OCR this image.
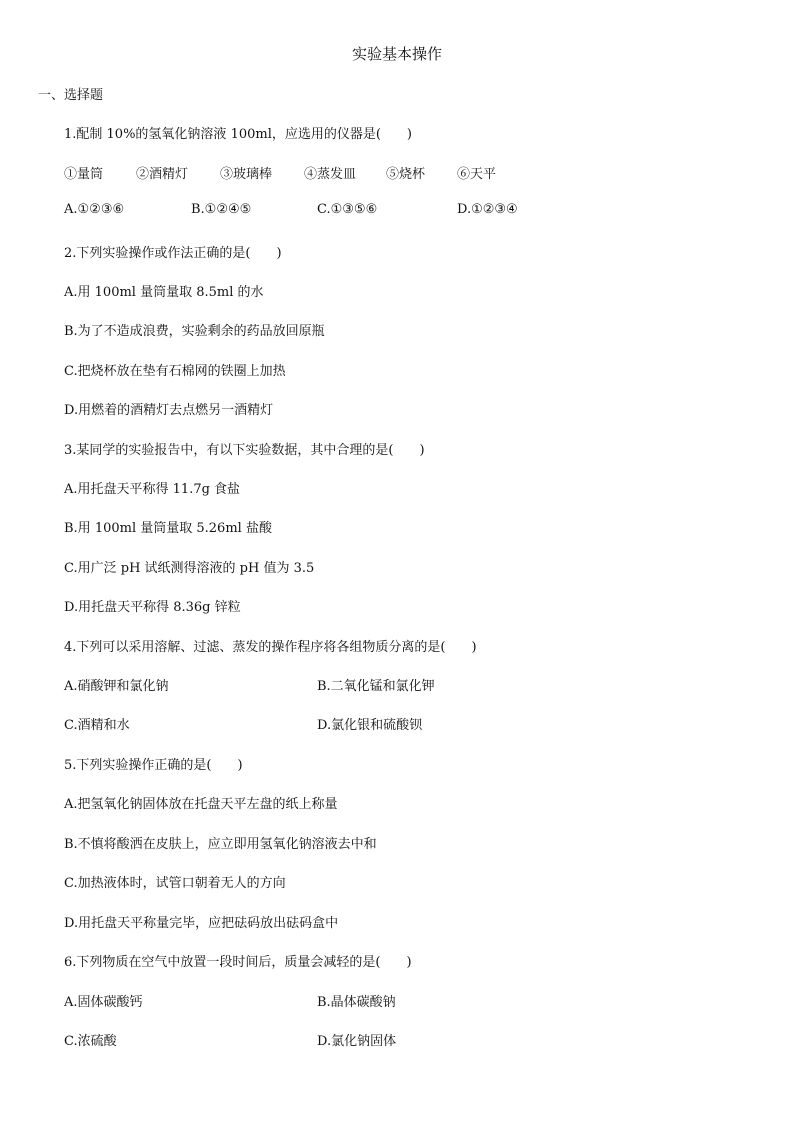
实验基本操作
一、选择题
1.配制 10%的氢氧化钠溶液 100ml，应选用的仪器是(　　)
①量筒	②酒精灯 ③玻璃棒 ④蒸发皿 ⑤烧杯 ⑥天平
A.①②③⑥	B.①②④⑤	C.①③⑤⑥	D.①②③④
2.下列实验操作或作法正确的是(　　)
A.用 100ml 量筒量取 8.5ml 的水
B.为了不造成浪费，实验剩余的药品放回原瓶
C.把烧杯放在垫有石棉网的铁圈上加热
D.用燃着的酒精灯去点燃另一酒精灯
3.某同学的实验报告中，有以下实验数据，其中合理的是(　　)
A.用托盘天平称得 11.7g 食盐
B.用 100ml 量筒量取 5.26ml 盐酸
C.用广泛 pH 试纸测得溶液的 pH 值为 3.5
D.用托盘天平称得 8.36g 锌粒
4.下列可以采用溶解、过滤、蒸发的操作程序将各组物质分离的是(　　)
A.硝酸钾和氯化钠	B.二氧化锰和氯化钾
C.酒精和水	D.氯化银和硫酸钡
5.下列实验操作正确的是(　　)
A.把氢氧化钠固体放在托盘天平左盘的纸上称量
B.不慎将酸洒在皮肤上，应立即用氢氧化钠溶液去中和
C.加热液体时，试管口朝着无人的方向
D.用托盘天平称量完毕，应把砝码放出砝码盒中
6.下列物质在空气中放置一段时间后，质量会减轻的是(　　)
A.固体碳酸钙	B.晶体碳酸钠
C.浓硫酸	D.氯化钠固体
